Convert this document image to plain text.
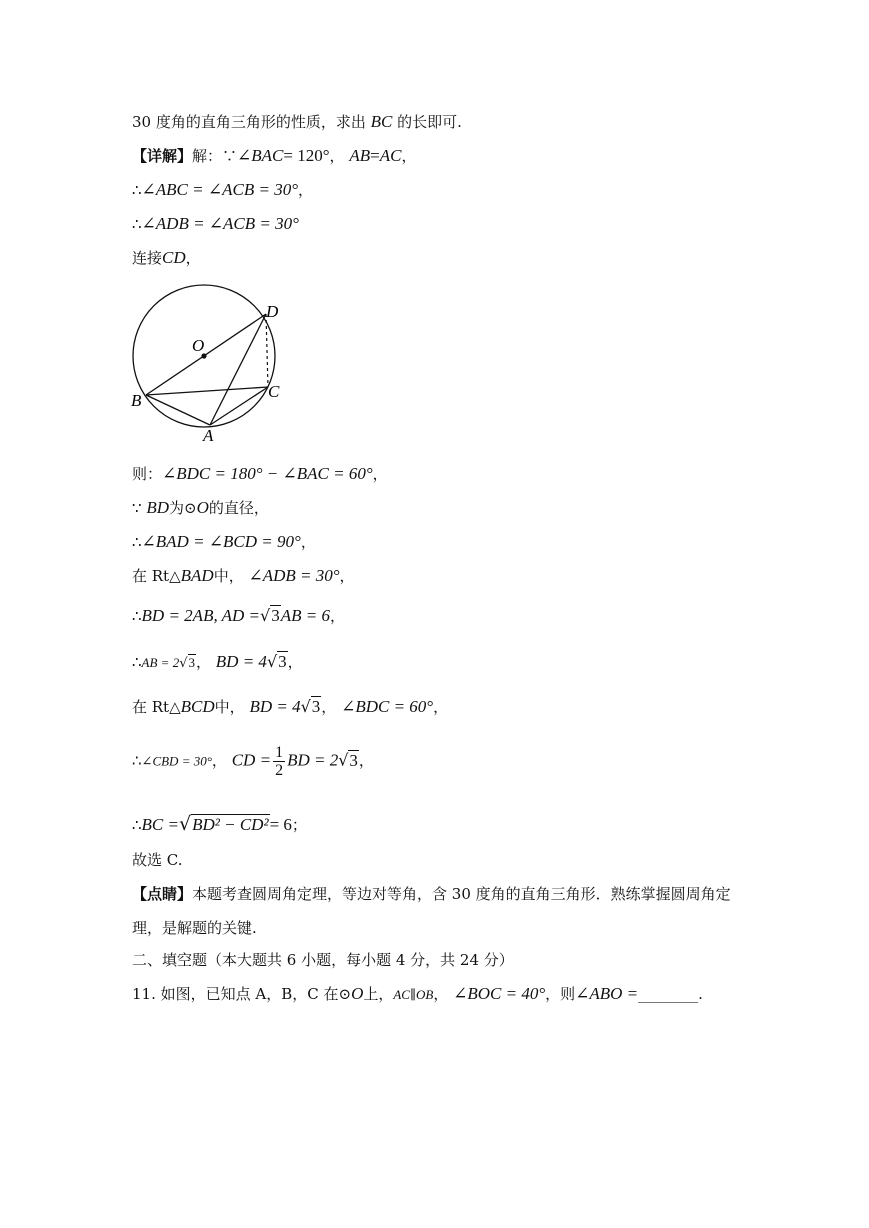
30 度角的直角三角形的性质，求出 BC 的长即可.
【详解】解：∵∠BAC= 120°， AB=AC，
∴∠ABC = ∠ACB = 30°，
∴∠ADB = ∠ACB = 30°
连接CD，
O
D
C
B
A
则：∠BDC = 180° − ∠BAC = 60°，
∵ BD为⊙O的直径，
∴∠BAD = ∠BCD = 90°，
在 Rt△BAD中， ∠ADB = 30°，
∴BD = 2AB, AD =√3AB = 6，
∴AB = 2√3， BD = 4√3，
在 Rt△BCD中， BD = 4√3， ∠BDC = 60°，
∴∠CBD = 30°， CD = $\frac{1}{2}$ BD = 2√3，
∴BC =√BD² − CD²= 6；
故选 C.
【点睛】本题考查圆周角定理，等边对等角，含 30 度角的直角三角形．熟练掌握圆周角定
理，是解题的关键.
二、填空题（本大题共 6 小题，每小题 4 分，共 24 分）
11. 如图，已知点 A，B，C 在⊙O上，AC∥OB， ∠BOC = 40°，则∠ABO =________.
